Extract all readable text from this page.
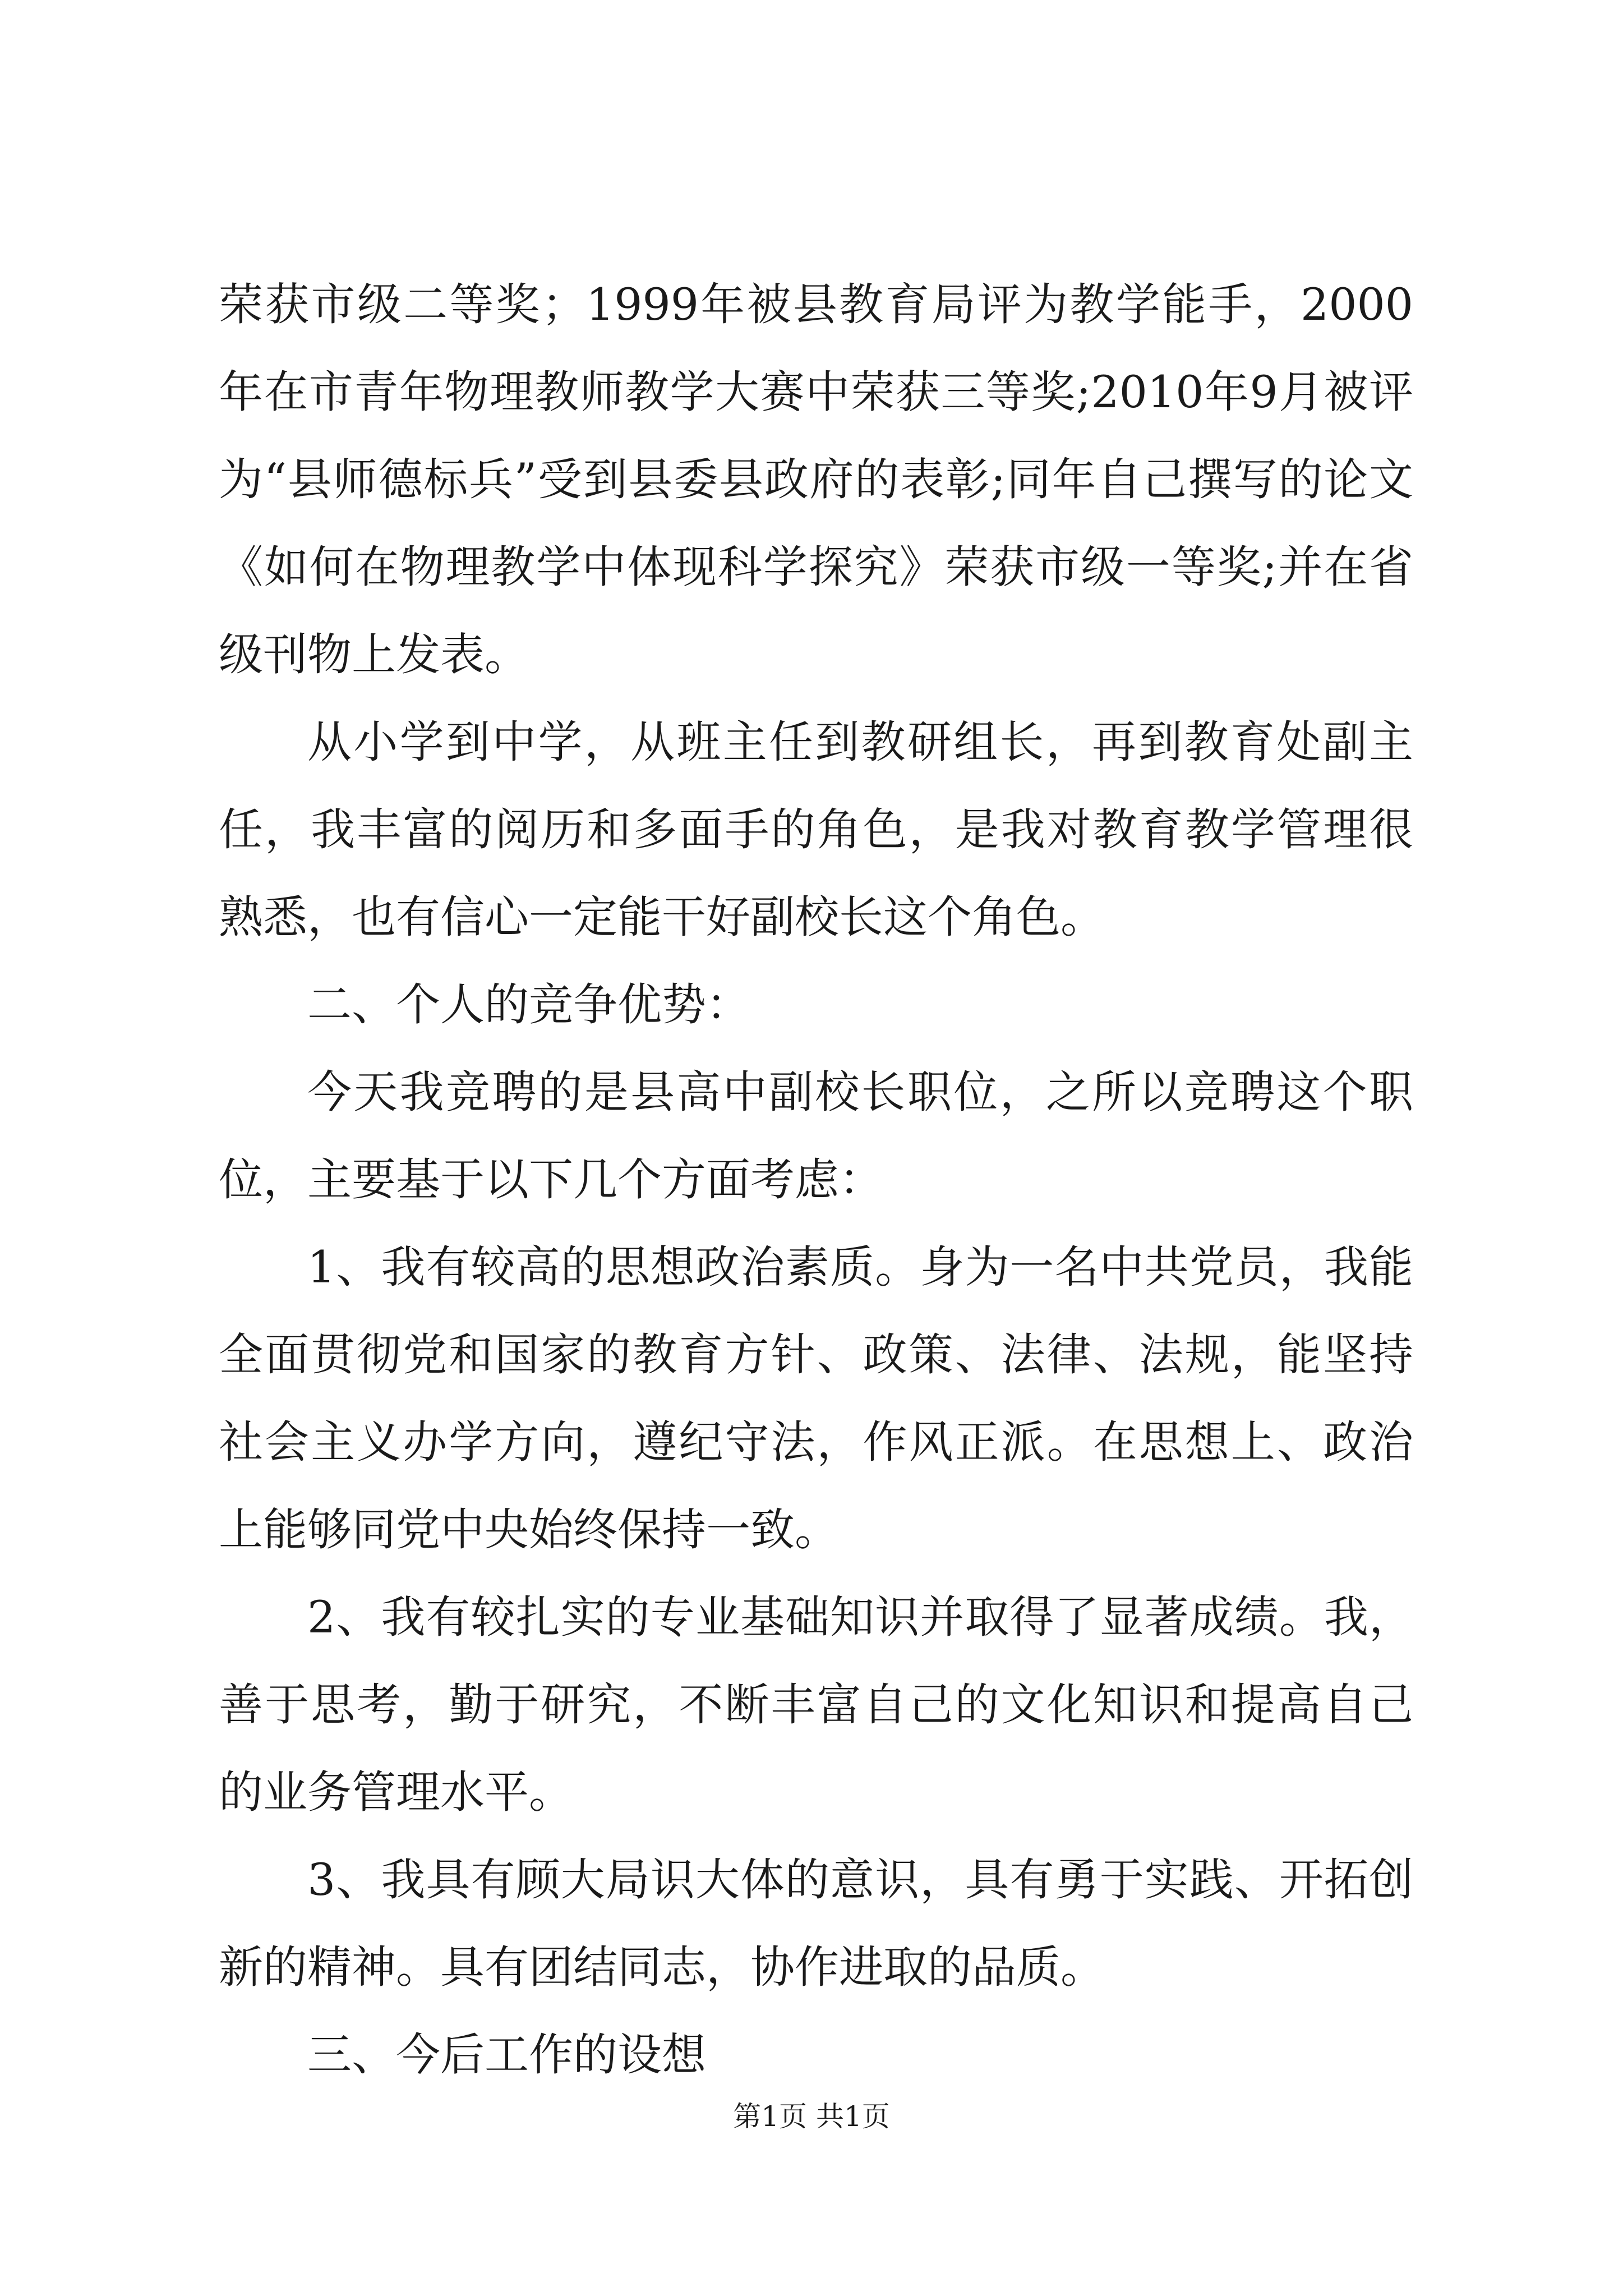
荣获市级二等奖；1999年被县教育局评为教学能手，2000年在市青年物理教师教学大赛中荣获三等奖;2010年9月被评为“县师德标兵”受到县委县政府的表彰;同年自己撰写的论文《如何在物理教学中体现科学探究》荣获市级一等奖;并在省级刊物上发表。

从小学到中学，从班主任到教研组长，再到教育处副主任，我丰富的阅历和多面手的角色，是我对教育教学管理很熟悉，也有信心一定能干好副校长这个角色。

二、个人的竞争优势：

今天我竞聘的是县高中副校长职位，之所以竞聘这个职位，主要基于以下几个方面考虑：

1、我有较高的思想政治素质。身为一名中共党员，我能全面贯彻党和国家的教育方针、政策、法律、法规，能坚持社会主义办学方向，遵纪守法，作风正派。在思想上、政治上能够同党中央始终保持一致。

2、我有较扎实的专业基础知识并取得了显著成绩。我，善于思考，勤于研究，不断丰富自己的文化知识和提高自己的业务管理水平。

3、我具有顾大局识大体的意识，具有勇于实践、开拓创新的精神。具有团结同志，协作进取的品质。

三、今后工作的设想

第1页 共1页
